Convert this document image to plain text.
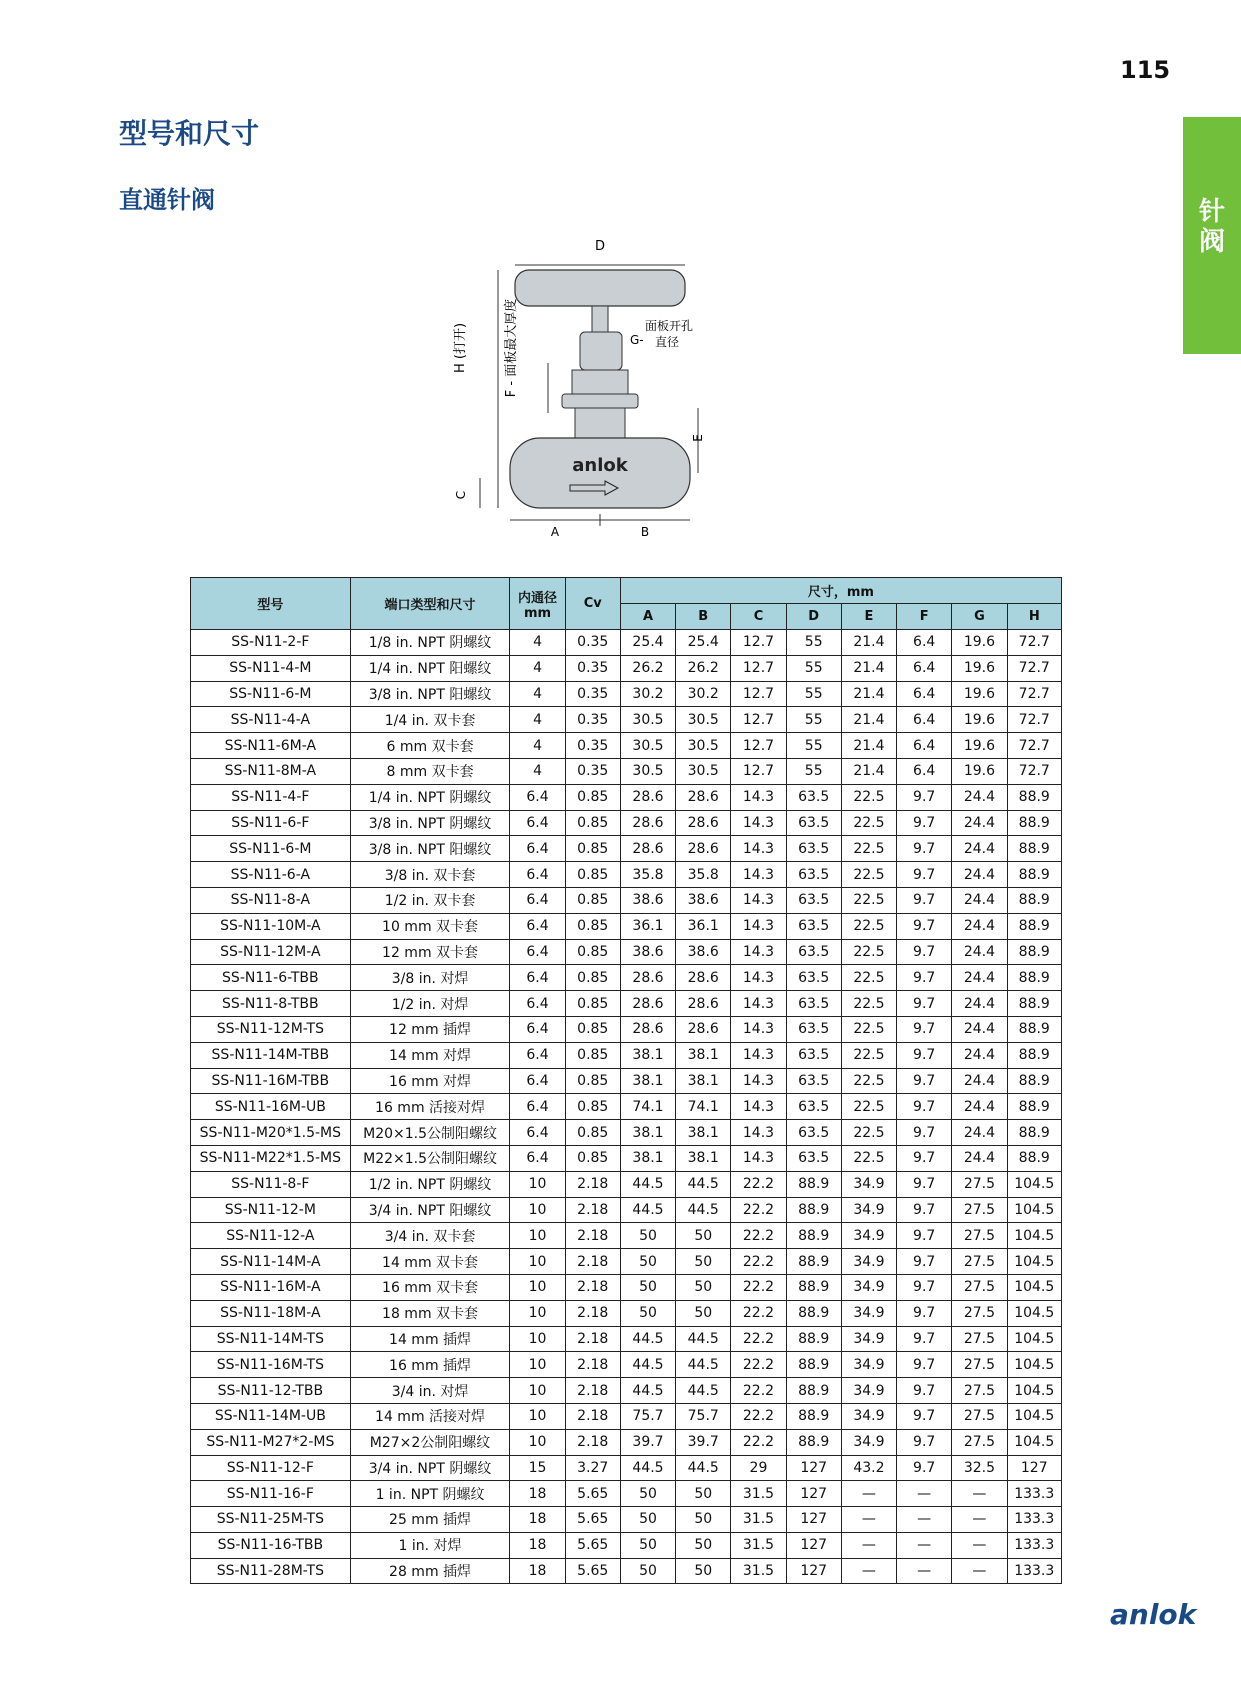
115
针
阀
型号和尺寸
直通针阀
D
anlok
H (打开)	F - 面板最大厚度	G-
面板开孔
直径
E
C
A	B
型号	端口类型和尺寸	内通径
mm	Cv	尺寸，mm							
				A	B	C	D	E	F	G	H
SS-N11-2-F	1/8 in. NPT 阴螺纹	4	0.35	25.4	25.4	12.7	55	21.4	6.4	19.6	72.7
SS-N11-4-M	1/4 in. NPT 阳螺纹	4	0.35	26.2	26.2	12.7	55	21.4	6.4	19.6	72.7
SS-N11-6-M	3/8 in. NPT 阳螺纹	4	0.35	30.2	30.2	12.7	55	21.4	6.4	19.6	72.7
SS-N11-4-A	1/4 in. 双卡套	4	0.35	30.5	30.5	12.7	55	21.4	6.4	19.6	72.7
SS-N11-6M-A	6 mm 双卡套	4	0.35	30.5	30.5	12.7	55	21.4	6.4	19.6	72.7
SS-N11-8M-A	8 mm 双卡套	4	0.35	30.5	30.5	12.7	55	21.4	6.4	19.6	72.7
SS-N11-4-F	1/4 in. NPT 阴螺纹	6.4	0.85	28.6	28.6	14.3	63.5	22.5	9.7	24.4	88.9
SS-N11-6-F	3/8 in. NPT 阴螺纹	6.4	0.85	28.6	28.6	14.3	63.5	22.5	9.7	24.4	88.9
SS-N11-6-M	3/8 in. NPT 阳螺纹	6.4	0.85	28.6	28.6	14.3	63.5	22.5	9.7	24.4	88.9
SS-N11-6-A	3/8 in. 双卡套	6.4	0.85	35.8	35.8	14.3	63.5	22.5	9.7	24.4	88.9
SS-N11-8-A	1/2 in. 双卡套	6.4	0.85	38.6	38.6	14.3	63.5	22.5	9.7	24.4	88.9
SS-N11-10M-A	10 mm 双卡套	6.4	0.85	36.1	36.1	14.3	63.5	22.5	9.7	24.4	88.9
SS-N11-12M-A	12 mm 双卡套	6.4	0.85	38.6	38.6	14.3	63.5	22.5	9.7	24.4	88.9
SS-N11-6-TBB	3/8 in. 对焊	6.4	0.85	28.6	28.6	14.3	63.5	22.5	9.7	24.4	88.9
SS-N11-8-TBB	1/2 in. 对焊	6.4	0.85	28.6	28.6	14.3	63.5	22.5	9.7	24.4	88.9
SS-N11-12M-TS	12 mm 插焊	6.4	0.85	28.6	28.6	14.3	63.5	22.5	9.7	24.4	88.9
SS-N11-14M-TBB	14 mm 对焊	6.4	0.85	38.1	38.1	14.3	63.5	22.5	9.7	24.4	88.9
SS-N11-16M-TBB	16 mm 对焊	6.4	0.85	38.1	38.1	14.3	63.5	22.5	9.7	24.4	88.9
SS-N11-16M-UB	16 mm 活接对焊	6.4	0.85	74.1	74.1	14.3	63.5	22.5	9.7	24.4	88.9
SS-N11-M20*1.5-MS	M20×1.5公制阳螺纹	6.4	0.85	38.1	38.1	14.3	63.5	22.5	9.7	24.4	88.9
SS-N11-M22*1.5-MS	M22×1.5公制阳螺纹	6.4	0.85	38.1	38.1	14.3	63.5	22.5	9.7	24.4	88.9
SS-N11-8-F	1/2 in. NPT 阴螺纹	10	2.18	44.5	44.5	22.2	88.9	34.9	9.7	27.5	104.5
SS-N11-12-M	3/4 in. NPT 阳螺纹	10	2.18	44.5	44.5	22.2	88.9	34.9	9.7	27.5	104.5
SS-N11-12-A	3/4 in. 双卡套	10	2.18	50	50	22.2	88.9	34.9	9.7	27.5	104.5
SS-N11-14M-A	14 mm 双卡套	10	2.18	50	50	22.2	88.9	34.9	9.7	27.5	104.5
SS-N11-16M-A	16 mm 双卡套	10	2.18	50	50	22.2	88.9	34.9	9.7	27.5	104.5
SS-N11-18M-A	18 mm 双卡套	10	2.18	50	50	22.2	88.9	34.9	9.7	27.5	104.5
SS-N11-14M-TS	14 mm 插焊	10	2.18	44.5	44.5	22.2	88.9	34.9	9.7	27.5	104.5
SS-N11-16M-TS	16 mm 插焊	10	2.18	44.5	44.5	22.2	88.9	34.9	9.7	27.5	104.5
SS-N11-12-TBB	3/4 in. 对焊	10	2.18	44.5	44.5	22.2	88.9	34.9	9.7	27.5	104.5
SS-N11-14M-UB	14 mm 活接对焊	10	2.18	75.7	75.7	22.2	88.9	34.9	9.7	27.5	104.5
SS-N11-M27*2-MS	M27×2公制阳螺纹	10	2.18	39.7	39.7	22.2	88.9	34.9	9.7	27.5	104.5
SS-N11-12-F	3/4 in. NPT 阴螺纹	15	3.27	44.5	44.5	29	127	43.2	9.7	32.5	127
SS-N11-16-F	1 in. NPT 阴螺纹	18	5.65	50	50	31.5	127	—	—	—	133.3
SS-N11-25M-TS	25 mm 插焊	18	5.65	50	50	31.5	127	—	—	—	133.3
SS-N11-16-TBB	1 in. 对焊	18	5.65	50	50	31.5	127	—	—	—	133.3
SS-N11-28M-TS	28 mm 插焊	18	5.65	50	50	31.5	127	—	—	—	133.3
anlok
